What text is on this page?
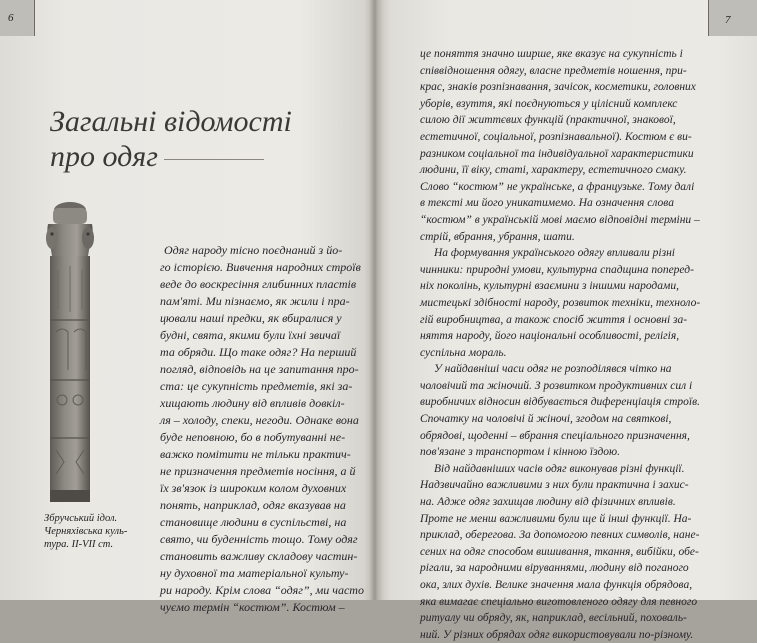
6
Загальні відомості
про одяг

Збручський ідол.
Черняхівська куль-
тура. II-VII ст.

Одяг народу тісно поєднаний з йо-
го історією. Вивчення народних строїв
веде до воскресіння глибинних пластів
пам'яті. Ми пізнаємо, як жили і пра-
цювали наші предки, як вбиралися у
будні, свята, якими були їхні звичаї
та обряди. Що таке одяг? На перший
погляд, відповідь на це запитання про-
ста: це сукупність предметів, які за-
хищають людину від впливів довкіл-
ля – холоду, спеки, негоди. Однаке вона
буде неповною, бо в побутуванні не-
важко помітити не тільки практич-
не призначення предметів носіння, а й
їх зв'язок із широким колом духовних
понять, наприклад, одяг вказував на
становище людини в суспільстві, на
свято, чи буденність тощо. Тому одяг
становить важливу складову частин-
ну духовної та матеріальної культу-
ри народу. Крім слова “одяг”, ми часто
чуємо термін “костюм”. Костюм –
7
це поняття значно ширше, яке вказує на сукупність і
співвідношення одягу, власне предметів ношення, при-
крас, знаків розпізнавання, зачісок, косметики, головних
уборів, взуття, які поєднуються у цілісний комплекс
силою дії життєвих функцій (практичної, знакової,
естетичної, соціальної, розпізнавальної). Костюм є ви-
разником соціальної та індивідуальної характеристики
людини, її віку, статі, характеру, естетичного смаку.
Слово “костюм” не українське, а французьке. Тому далі
в тексті ми його уникатимемо. На означення слова
“костюм” в українській мові маємо відповідні терміни –
стрій, вбрання, убрання, шати.
На формування українського одягу впливали різні
чинники: природні умови, культурна спадщина поперед-
ніх поколінь, культурні взаємини з іншими народами,
мистецькі здібності народу, розвиток техніки, техноло-
гій виробництва, а також спосіб життя і основні за-
няття народу, його національні особливості, релігія,
суспільна мораль.
У найдавніші часи одяг не розподілявся чітко на
чоловічий та жіночий. З розвитком продуктивних сил і
виробничих відносин відбувається диференціація строїв.
Спочатку на чоловічі й жіночі, згодом на святкові,
обрядові, щоденні – вбрання спеціального призначення,
пов'язане з транспортом і кінною їздою.
Від найдавніших часів одяг виконував різні функції.
Надзвичайно важливими з них були практична і захис-
на. Адже одяг захищав людину від фізичних впливів.
Проте не менш важливими були ще й інші функції. На-
приклад, оберегова. За допомогою певних символів, нане-
сених на одяг способом вишивання, ткання, вибійки, обе-
рігали, за народними віруваннями, людину від поганого
ока, злих духів. Велике значення мала функція обрядова,
яка вимагає спеціально виготовленого одягу для певного
ритуалу чи обряду, як, наприклад, весільний, поховаль-
ний. У різних обрядах одяг використовували по-різному.
